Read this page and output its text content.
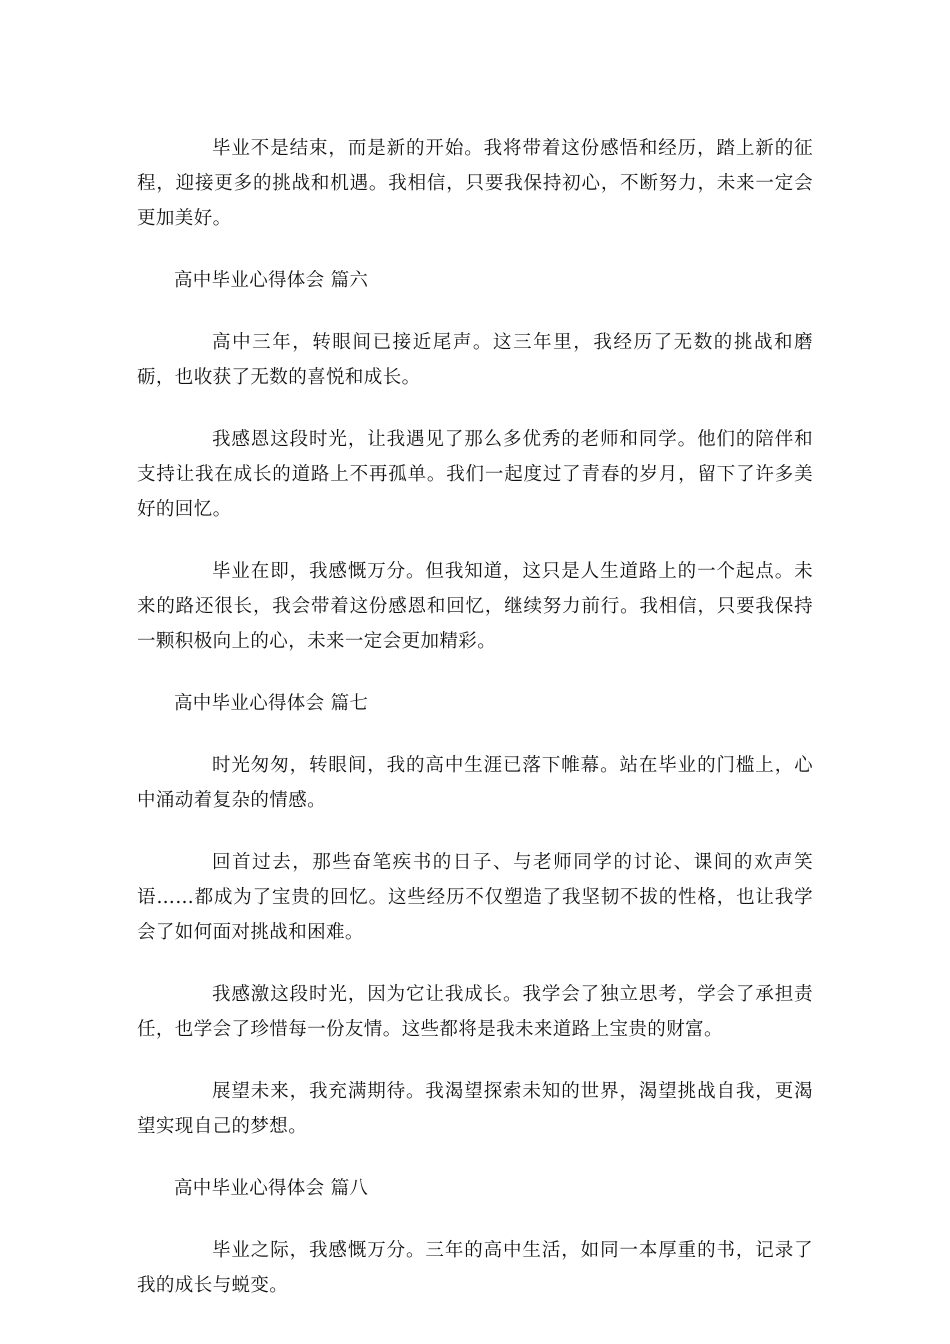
毕业不是结束，而是新的开始。我将带着这份感悟和经历，踏上新的征程，迎接更多的挑战和机遇。我相信，只要我保持初心，不断努力，未来一定会更加美好。

高中毕业心得体会 篇六

高中三年，转眼间已接近尾声。这三年里，我经历了无数的挑战和磨砺，也收获了无数的喜悦和成长。

我感恩这段时光，让我遇见了那么多优秀的老师和同学。他们的陪伴和支持让我在成长的道路上不再孤单。我们一起度过了青春的岁月，留下了许多美好的回忆。

毕业在即，我感慨万分。但我知道，这只是人生道路上的一个起点。未来的路还很长，我会带着这份感恩和回忆，继续努力前行。我相信，只要我保持一颗积极向上的心，未来一定会更加精彩。

高中毕业心得体会 篇七

时光匆匆，转眼间，我的高中生涯已落下帷幕。站在毕业的门槛上，心中涌动着复杂的情感。

回首过去，那些奋笔疾书的日子、与老师同学的讨论、课间的欢声笑语……都成为了宝贵的回忆。这些经历不仅塑造了我坚韧不拔的性格，也让我学会了如何面对挑战和困难。

我感激这段时光，因为它让我成长。我学会了独立思考，学会了承担责任，也学会了珍惜每一份友情。这些都将是我未来道路上宝贵的财富。

展望未来，我充满期待。我渴望探索未知的世界，渴望挑战自我，更渴望实现自己的梦想。

高中毕业心得体会 篇八

毕业之际，我感慨万分。三年的高中生活，如同一本厚重的书，记录了我的成长与蜕变。
